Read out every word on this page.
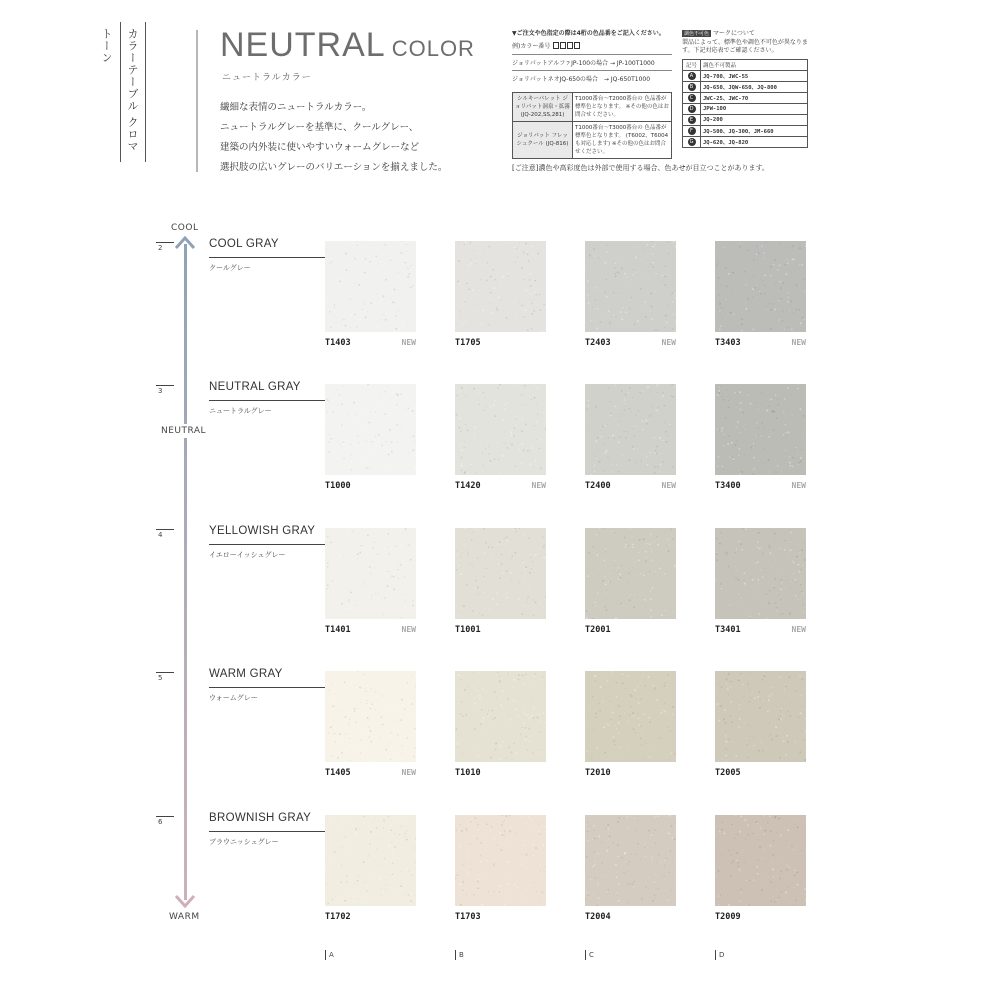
カラーテーブル クロマトーン	NEUTRAL COLOR
ニュートラルカラー
繊細な表情のニュートラルカラー。
ニュートラルグレーを基準に、クールグレー、
建築の内外装に使いやすいウォームグレーなど
選択肢の広いグレーのバリエーションを揃えました。
▼ご注文や色指定の際は4桁の色品番をご記入ください。
例)カラー番号
ジョリパットアルファJP-100の場合 → JP-100T1000
ジョリパットネオJQ-650の場合　→ JQ-650T1000
シルキーパレット ジョリパット洞泉・拡霧 (JQ-202,SS,281)	T1000番台〜T2000番台の 色品番が標準色となります。 ※その他の色はお問合せください。
ジョリパット フレッシュクール (JQ-816)	T1000番台〜T3000番台の 色品番が標準色となります。 (T6002、T6004も対応します) ※その他の色はお問合せください。
調色不可色 マークについて
製品によって、標準色や調色不可色が異なります。下記対応表でご確認ください。
記号	調色不可製品
A	JQ-700、JWC-55
B	JQ-650、JQW-650、JQ-800
C	JWC-25、JWC-70
D	JPW-100
E	JQ-200
F	JQ-500、JQ-300、JM-660
G	JQ-620、JQ-820
[ご注意]濃色や高彩度色は外部で使用する場合、色あせが目立つことがあります。
COOL
NEUTRAL
WARM
2	COOL GRAY
クールグレー
T1403	NEW	T1705	T2403	NEW	T3403	NEW
3	NEUTRAL GRAY
ニュートラルグレー
T1000	T1420	NEW	T2400	NEW	T3400	NEW
4	YELLOWISH GRAY
イエローイッシュグレー
T1401	NEW	T1001	T2001	T3401	NEW
5	WARM GRAY
ウォームグレー
T1405	NEW	T1010	T2010	T2005
6	BROWNISH GRAY
ブラウニッシュグレー
T1702	T1703	T2004	T2009
A	B	C	D
